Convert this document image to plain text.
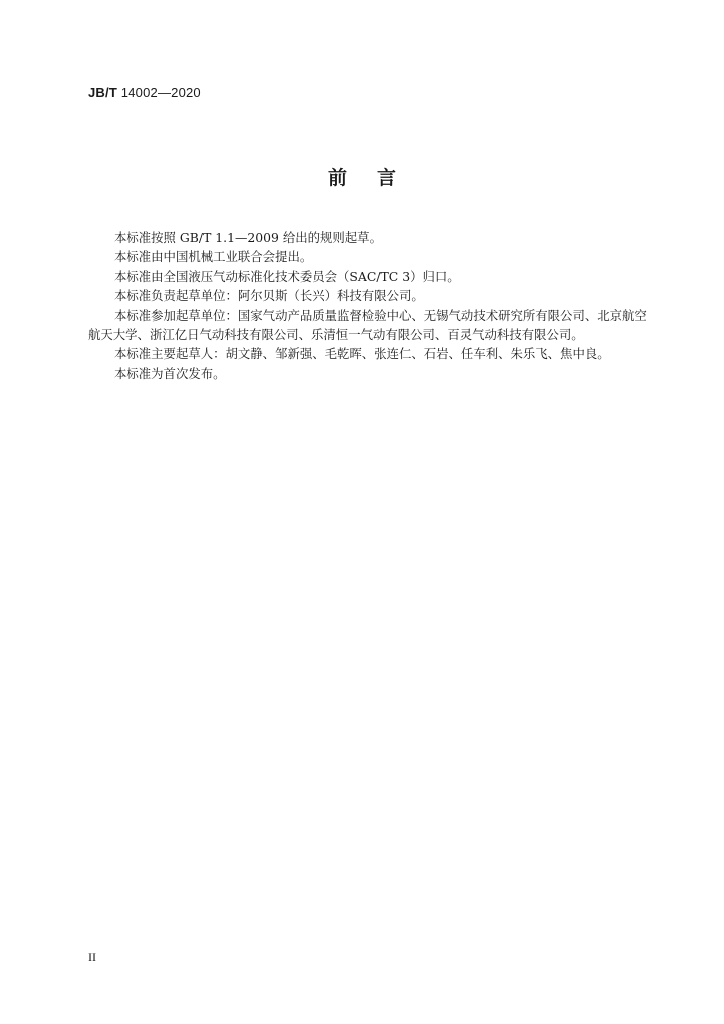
JB/T 14002—2020
前言

本标准按照 GB/T 1.1—2009 给出的规则起草。

本标准由中国机械工业联合会提出。

本标准由全国液压气动标准化技术委员会（SAC/TC 3）归口。

本标准负责起草单位：阿尔贝斯（长兴）科技有限公司。

本标准参加起草单位：国家气动产品质量监督检验中心、无锡气动技术研究所有限公司、北京航空航天大学、浙江亿日气动科技有限公司、乐清恒一气动有限公司、百灵气动科技有限公司。

本标准主要起草人：胡文静、邹新强、毛乾晖、张连仁、石岩、任车利、朱乐飞、焦中良。

本标准为首次发布。

II
